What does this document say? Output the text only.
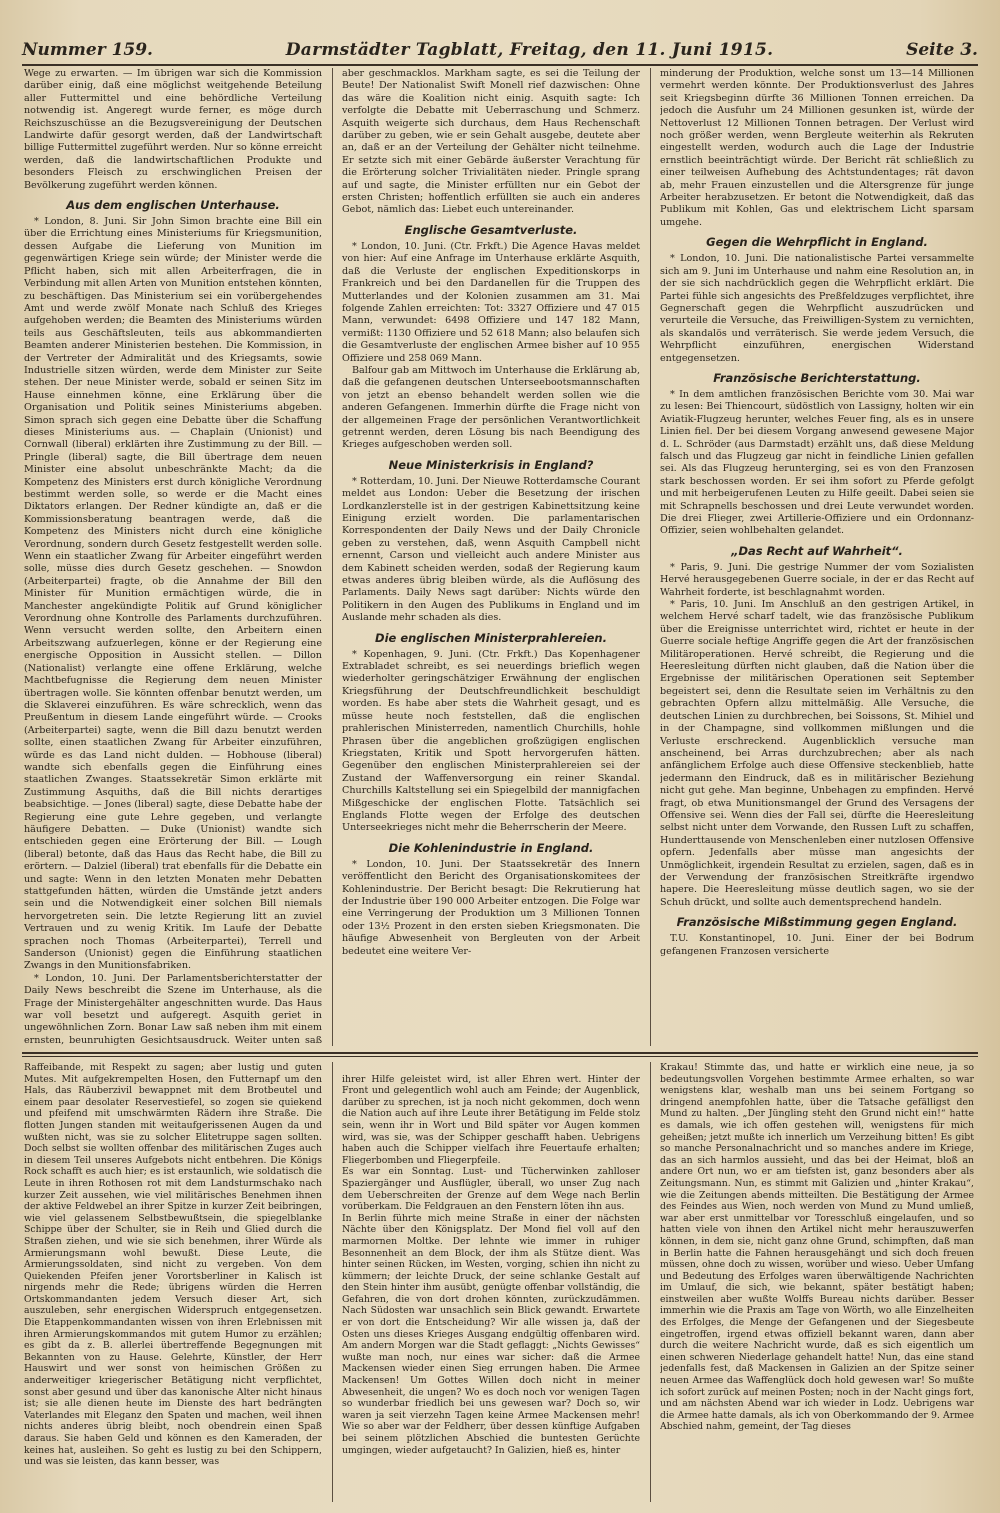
Nummer 159.	Darmstädter Tagblatt, Freitag, den 11. Juni 1915.	Seite 3.

Wege zu erwarten. — Im übrigen war sich die Kommission darüber einig, daß eine möglichst weitgehende Beteilung aller Futtermittel und eine behördliche Verteilung notwendig ist. Angeregt wurde ferner, es möge durch Reichszuschüsse an die Bezugsvereinigung der Deutschen Landwirte dafür gesorgt werden, daß der Landwirtschaft billige Futtermittel zugeführt werden. Nur so könne erreicht werden, daß die landwirtschaftlichen Produkte und besonders Fleisch zu erschwinglichen Preisen der Bevölkerung zugeführt werden können.

Aus dem englischen Unterhause.

* London, 8. Juni. Sir John Simon brachte eine Bill ein über die Errichtung eines Ministeriums für Kriegsmunition, dessen Aufgabe die Lieferung von Munition im gegenwärtigen Kriege sein würde; der Minister werde die Pflicht haben, sich mit allen Arbeiterfragen, die in Verbindung mit allen Arten von Munition entstehen könnten, zu beschäftigen. Das Ministerium sei ein vorübergehendes Amt und werde zwölf Monate nach Schluß des Krieges aufgehoben werden; die Beamten des Ministeriums würden teils aus Geschäftsleuten, teils aus abkommandierten Beamten anderer Ministerien bestehen. Die Kommission, in der Vertreter der Admiralität und des Kriegsamts, sowie Industrielle sitzen würden, werde dem Minister zur Seite stehen. Der neue Minister werde, sobald er seinen Sitz im Hause einnehmen könne, eine Erklärung über die Organisation und Politik seines Ministeriums abgeben. Simon sprach sich gegen eine Debatte über die Schaffung dieses Ministeriums aus. — Chaplain (Unionist) und Cornwall (liberal) erklärten ihre Zustimmung zu der Bill. — Pringle (liberal) sagte, die Bill übertrage dem neuen Minister eine absolut unbeschränkte Macht; da die Kompetenz des Ministers erst durch königliche Verordnung bestimmt werden solle, so werde er die Macht eines Diktators erlangen. Der Redner kündigte an, daß er die Kommissionsberatung beantragen werde, daß die Kompetenz des Ministers nicht durch eine königliche Verordnung, sondern durch Gesetz festgestellt werden solle. Wenn ein staatlicher Zwang für Arbeiter eingeführt werden solle, müsse dies durch Gesetz geschehen. — Snowdon (Arbeiterpartei) fragte, ob die Annahme der Bill den Minister für Munition ermächtigen würde, die in Manchester angekündigte Politik auf Grund königlicher Verordnung ohne Kontrolle des Parlaments durchzuführen. Wenn versucht werden sollte, den Arbeitern einen Arbeitszwang aufzuerlegen, könne er der Regierung eine energische Opposition in Aussicht stellen. — Dillon (Nationalist) verlangte eine offene Erklärung, welche Machtbefugnisse die Regierung dem neuen Minister übertragen wolle. Sie könnten offenbar benutzt werden, um die Sklaverei einzuführen. Es wäre schrecklich, wenn das Preußentum in diesem Lande eingeführt würde. — Crooks (Arbeiterpartei) sagte, wenn die Bill dazu benutzt werden sollte, einen staatlichen Zwang für Arbeiter einzuführen, würde es das Land nicht dulden. — Hobhouse (liberal) wandte sich ebenfalls gegen die Einführung eines staatlichen Zwanges. Staatssekretär Simon erklärte mit Zustimmung Asquiths, daß die Bill nichts derartiges beabsichtige. — Jones (liberal) sagte, diese Debatte habe der Regierung eine gute Lehre gegeben, und verlangte häufigere Debatten. — Duke (Unionist) wandte sich entschieden gegen eine Erörterung der Bill. — Lough (liberal) betonte, daß das Haus das Recht habe, die Bill zu erörtern. — Dalziel (liberal) trat ebenfalls für die Debatte ein und sagte: Wenn in den letzten Monaten mehr Debatten stattgefunden hätten, würden die Umstände jetzt anders sein und die Notwendigkeit einer solchen Bill niemals hervorgetreten sein. Die letzte Regierung litt an zuviel Vertrauen und zu wenig Kritik. Im Laufe der Debatte sprachen noch Thomas (Arbeiterpartei), Terrell und Sanderson (Unionist) gegen die Einführung staatlichen Zwangs in den Munitionsfabriken.

* London, 10. Juni. Der Parlamentsberichterstatter der Daily News beschreibt die Szene im Unterhause, als die Frage der Ministergehälter angeschnitten wurde. Das Haus war voll besetzt und aufgeregt. Asquith geriet in ungewöhnlichen Zorn. Bonar Law saß neben ihm mit einem ernsten, beunruhigten Gesichtsausdruck. Weiter unten saß

aber geschmacklos. Markham sagte, es sei die Teilung der Beute! Der Nationalist Swift Monell rief dazwischen: Ohne das wäre die Koalition nicht einig. Asquith sagte: Ich verfolgte die Debatte mit Ueberraschung und Schmerz. Asquith weigerte sich durchaus, dem Haus Rechenschaft darüber zu geben, wie er sein Gehalt ausgebe, deutete aber an, daß er an der Verteilung der Gehälter nicht teilnehme. Er setzte sich mit einer Gebärde äußerster Verachtung für die Erörterung solcher Trivialitäten nieder. Pringle sprang auf und sagte, die Minister erfüllten nur ein Gebot der ersten Christen; hoffentlich erfüllten sie auch ein anderes Gebot, nämlich das: Liebet euch untereinander.

Englische Gesamtverluste.

* London, 10. Juni. (Ctr. Frkft.) Die Agence Havas meldet von hier: Auf eine Anfrage im Unterhause erklärte Asquith, daß die Verluste der englischen Expeditionskorps in Frankreich und bei den Dardanellen für die Truppen des Mutterlandes und der Kolonien zusammen am 31. Mai folgende Zahlen erreichten: Tot: 3327 Offiziere und 47 015 Mann, verwundet: 6498 Offiziere und 147 182 Mann, vermißt: 1130 Offiziere und 52 618 Mann; also belaufen sich die Gesamtverluste der englischen Armee bisher auf 10 955 Offiziere und 258 069 Mann.

Balfour gab am Mittwoch im Unterhause die Erklärung ab, daß die gefangenen deutschen Unterseebootsmannschaften von jetzt an ebenso behandelt werden sollen wie die anderen Gefangenen. Immerhin dürfte die Frage nicht von der allgemeinen Frage der persönlichen Verantwortlichkeit getrennt werden, deren Lösung bis nach Beendigung des Krieges aufgeschoben werden soll.

Neue Ministerkrisis in England?

* Rotterdam, 10. Juni. Der Nieuwe Rotterdamsche Courant meldet aus London: Ueber die Besetzung der irischen Lordkanzlerstelle ist in der gestrigen Kabinettsitzung keine Einigung erzielt worden. Die parlamentarischen Korrespondenten der Daily News und der Daily Chronicle geben zu verstehen, daß, wenn Asquith Campbell nicht ernennt, Carson und vielleicht auch andere Minister aus dem Kabinett scheiden werden, sodaß der Regierung kaum etwas anderes übrig bleiben würde, als die Auflösung des Parlaments. Daily News sagt darüber: Nichts würde den Politikern in den Augen des Publikums in England und im Auslande mehr schaden als dies.

Die englischen Ministerprahlereien.

* Kopenhagen, 9. Juni. (Ctr. Frkft.) Das Kopenhagener Extrabladet schreibt, es sei neuerdings brieflich wegen wiederholter geringschätziger Erwähnung der englischen Kriegsführung der Deutschfreundlichkeit beschuldigt worden. Es habe aber stets die Wahrheit gesagt, und es müsse heute noch feststellen, daß die englischen prahlerischen Ministerreden, namentlich Churchills, hohle Phrasen über die angeblichen großzügigen englischen Kriegstaten, Kritik und Spott hervorgerufen hätten. Gegenüber den englischen Ministerprahlereien sei der Zustand der Waffenversorgung ein reiner Skandal. Churchills Kaltstellung sei ein Spiegelbild der mannigfachen Mißgeschicke der englischen Flotte. Tatsächlich sei Englands Flotte wegen der Erfolge des deutschen Unterseekrieges nicht mehr die Beherrscherin der Meere.

Die Kohlenindustrie in England.

* London, 10. Juni. Der Staatssekretär des Innern veröffentlicht den Bericht des Organisationskomitees der Kohlenindustrie. Der Bericht besagt: Die Rekrutierung hat der Industrie über 190 000 Arbeiter entzogen. Die Folge war eine Verringerung der Produktion um 3 Millionen Tonnen oder 13½ Prozent in den ersten sieben Kriegsmonaten. Die häufige Abwesenheit von Bergleuten von der Arbeit bedeutet eine weitere Ver-

minderung der Produktion, welche sonst um 13—14 Millionen vermehrt werden könnte. Der Produktionsverlust des Jahres seit Kriegsbeginn dürfte 36 Millionen Tonnen erreichen. Da jedoch die Ausfuhr um 24 Millionen gesunken ist, würde der Nettoverlust 12 Millionen Tonnen betragen. Der Verlust wird noch größer werden, wenn Bergleute weiterhin als Rekruten eingestellt werden, wodurch auch die Lage der Industrie ernstlich beeinträchtigt würde. Der Bericht rät schließlich zu einer teilweisen Aufhebung des Achtstundentages; rät davon ab, mehr Frauen einzustellen und die Altersgrenze für junge Arbeiter herabzusetzen. Er betont die Notwendigkeit, daß das Publikum mit Kohlen, Gas und elektrischem Licht sparsam umgehe.

Gegen die Wehrpflicht in England.

* London, 10. Juni. Die nationalistische Partei versammelte sich am 9. Juni im Unterhause und nahm eine Resolution an, in der sie sich nachdrücklich gegen die Wehrpflicht erklärt. Die Partei fühle sich angesichts des Preßfeldzuges verpflichtet, ihre Gegnerschaft gegen die Wehrpflicht auszudrücken und verurteile die Versuche, das Freiwilligen-System zu vernichten, als skandalös und verräterisch. Sie werde jedem Versuch, die Wehrpflicht einzuführen, energischen Widerstand entgegensetzen.

Französische Berichterstattung.

* In dem amtlichen französischen Berichte vom 30. Mai war zu lesen: Bei Thiencourt, südöstlich von Lassigny, holten wir ein Aviatik-Flugzeug herunter, welches Feuer fing, als es in unsere Linien fiel. Der bei diesem Vorgang anwesend gewesene Major d. L. Schröder (aus Darmstadt) erzählt uns, daß diese Meldung falsch und das Flugzeug gar nicht in feindliche Linien gefallen sei. Als das Flugzeug herunterging, sei es von den Franzosen stark beschossen worden. Er sei ihm sofort zu Pferde gefolgt und mit herbeigerufenen Leuten zu Hilfe geeilt. Dabei seien sie mit Schrapnells beschossen und drei Leute verwundet worden. Die drei Flieger, zwei Artillerie-Offiziere und ein Ordonnanz-Offizier, seien wohlbehalten gelandet.

„Das Recht auf Wahrheit“.

* Paris, 9. Juni. Die gestrige Nummer der vom Sozialisten Hervé herausgegebenen Guerre sociale, in der er das Recht auf Wahrheit forderte, ist beschlagnahmt worden.

* Paris, 10. Juni. Im Anschluß an den gestrigen Artikel, in welchem Hervé scharf tadelt, wie das französische Publikum über die Ereignisse unterrichtet wird, richtet er heute in der Guerre sociale heftige Angriffe gegen die Art der französischen Militäroperationen. Hervé schreibt, die Regierung und die Heeresleitung dürften nicht glauben, daß die Nation über die Ergebnisse der militärischen Operationen seit September begeistert sei, denn die Resultate seien im Verhältnis zu den gebrachten Opfern allzu mittelmäßig. Alle Versuche, die deutschen Linien zu durchbrechen, bei Soissons, St. Mihiel und in der Champagne, sind vollkommen mißlungen und die Verluste erschreckend. Augenblicklich versuche man anscheinend, bei Arras durchzubrechen; aber als nach anfänglichem Erfolge auch diese Offensive steckenblieb, hatte jedermann den Eindruck, daß es in militärischer Beziehung nicht gut gehe. Man beginne, Unbehagen zu empfinden. Hervé fragt, ob etwa Munitionsmangel der Grund des Versagens der Offensive sei. Wenn dies der Fall sei, dürfte die Heeresleitung selbst nicht unter dem Vorwande, den Russen Luft zu schaffen, Hunderttausende von Menschenleben einer nutzlosen Offensive opfern. Jedenfalls aber müsse man angesichts der Unmöglichkeit, irgendein Resultat zu erzielen, sagen, daß es in der Verwendung der französischen Streitkräfte irgendwo hapere. Die Heeresleitung müsse deutlich sagen, wo sie der Schuh drückt, und sollte auch dementsprechend handeln.

Französische Mißstimmung gegen England.

T.U. Konstantinopel, 10. Juni. Einer der bei Bodrum gefangenen Franzosen versicherte

Raffeibande, mit Respekt zu sagen; aber lustig und guten Mutes. Mit aufgekrempelten Hosen, den Futternapf um den Hals, das Räuberzivil bewappnet mit dem Brotbeutel und einem paar desolater Reservestiefel, so zogen sie quiekend und pfeifend mit umschwärmten Rädern ihre Straße. Die flotten Jungen standen mit weitaufgerissenen Augen da und wußten nicht, was sie zu solcher Elitetruppe sagen sollten. Doch selbst sie wollten offenbar des militärischen Zuges auch in diesem Teil unseres Aufgebots nicht entbehren. Die Königs Rock schafft es auch hier; es ist erstaunlich, wie soldatisch die Leute in ihren Rothosen rot mit dem Landsturmschako nach kurzer Zeit aussehen, wie viel militärisches Benehmen ihnen der aktive Feldwebel an ihrer Spitze in kurzer Zeit beibringen, wie viel gelassenem Selbstbewußtsein, die spiegelblanke Schippe über der Schulter, sie in Reih und Glied durch die Straßen ziehen, und wie sie sich benehmen, ihrer Würde als Armierungsmann wohl bewußt. Diese Leute, die Armierungssoldaten, sind nicht zu vergeben. Von dem Quiekenden Pfeifen jener Vorortsberliner in Kalisch ist nirgends mehr die Rede; übrigens würden die Herren Ortskommandanten jedem Versuch dieser Art, sich auszuleben, sehr energischen Widerspruch entgegensetzen. Die Etappenkommandanten wissen von ihren Erlebnissen mit ihren Armierungskommandos mit gutem Humor zu erzählen; es gibt da z. B. allerlei übertreffende Begegnungen mit Bekannten von zu Hause. Gelehrte, Künstler, der Herr Hauswirt und wer sonst von heimischen Größen zu anderweitiger kriegerischer Betätigung nicht verpflichtet, sonst aber gesund und über das kanonische Alter nicht hinaus ist; sie alle dienen heute im Dienste des hart bedrängten Vaterlandes mit Eleganz den Spaten und machen, weil ihnen nichts anderes übrig bleibt, noch obendrein einen Spaß daraus. Sie haben Geld und können es den Kameraden, der keines hat, ausleihen. So geht es lustig zu bei den Schippern, und was sie leisten, das kann besser, was

ihrer Hilfe geleistet wird, ist aller Ehren wert. Hinter der Front und gelegentlich wohl auch am Feinde; der Augenblick, darüber zu sprechen, ist ja noch nicht gekommen, doch wenn die Nation auch auf ihre Leute ihrer Betätigung im Felde stolz sein, wenn ihr in Wort und Bild später vor Augen kommen wird, was sie, was der Schipper geschafft haben. Uebrigens haben auch die Schipper vielfach ihre Feuertaufe erhalten; Fliegerbomben und Fliegerpfeile.
Es war ein Sonntag. Lust- und Tücherwinken zahlloser Spaziergänger und Ausflügler, überall, wo unser Zug nach dem Ueberschreiten der Grenze auf dem Wege nach Berlin vorüberkam. Die Feldgrauen an den Fenstern löten ihn aus.
In Berlin führte mich meine Straße in einer der nächsten Nächte über den Königsplatz. Der Mond fiel voll auf den marmornen Moltke. Der lehnte wie immer in ruhiger Besonnenheit an dem Block, der ihm als Stütze dient. Was hinter seinen Rücken, im Westen, vorging, schien ihn nicht zu kümmern; der leichte Druck, der seine schlanke Gestalt auf den Stein hinter ihm ausübt, genügte offenbar vollständig, die Gefahren, die von dort drohen könnten, zurückzudämmen. Nach Südosten war unsachlich sein Blick gewandt. Erwartete er von dort die Entscheidung? Wir alle wissen ja, daß der Osten uns dieses Krieges Ausgang endgültig offenbaren wird. Am andern Morgen war die Stadt geflaggt: „Nichts Gewisses“ wußte man noch, nur eines war sicher: daß die Armee Mackensen wieder einen Sieg errungen haben. Die Armee Mackensen! Um Gottes Willen doch nicht in meiner Abwesenheit, die ungen? Wo es doch noch vor wenigen Tagen so wunderbar friedlich bei uns gewesen war? Doch so, wir waren ja seit vierzehn Tagen keine Armee Mackensen mehr! Wie so aber war der Feldherr, über dessen künftige Aufgaben bei seinem plötzlichen Abschied die buntesten Gerüchte umgingen, wieder aufgetaucht? In Galizien, hieß es, hinter

Krakau! Stimmte das, und hatte er wirklich eine neue, ja so bedeutungsvollen Vorgehen bestimmte Armee erhalten, so war wenigstens klar, weshalb man uns bei seinem Fortgang so dringend anempfohlen hatte, über die Tatsache gefälligst den Mund zu halten. „Der Jüngling steht den Grund nicht ein!“ hatte es damals, wie ich offen gestehen will, wenigstens für mich geheißen; jetzt mußte ich innerlich um Verzeihung bitten! Es gibt so manche Personalnachricht und so manches andere im Kriege, das an sich harmlos aussieht, und das bei der Heimat, bloß an andere Ort nun, wo er am tiefsten ist, ganz besonders aber als Zeitungsmann. Nun, es stimmt mit Galizien und „hinter Krakau“, wie die Zeitungen abends mitteilten. Die Bestätigung der Armee des Feindes aus Wien, noch werden von Mund zu Mund umließ, war aber erst unmittelbar vor Toresschluß eingelaufen, und so hatten viele von ihnen den Artikel nicht mehr herauszuwerfen können, in dem sie, nicht ganz ohne Grund, schimpften, daß man in Berlin hatte die Fahnen herausgehängt und sich doch freuen müssen, ohne doch zu wissen, worüber und wieso. Ueber Umfang und Bedeutung des Erfolges waren überwältigende Nachrichten im Umlauf, die sich, wie bekannt, später bestätigt haben; einstweilen aber wußte Wolffs Bureau nichts darüber. Besser immerhin wie die Praxis am Tage von Wörth, wo alle Einzelheiten des Erfolges, die Menge der Gefangenen und der Siegesbeute eingetroffen, irgend etwas offiziell bekannt waren, dann aber durch die weitere Nachricht wurde, daß es sich eigentlich um einen schweren Niederlage gehandelt hatte! Nun, das eine stand jedenfalls fest, daß Mackensen in Galizien an der Spitze seiner neuen Armee das Waffenglück doch hold gewesen war! So mußte ich sofort zurück auf meinen Posten; noch in der Nacht gings fort, und am nächsten Abend war ich wieder in Lodz. Uebrigens war die Armee hatte damals, als ich von Oberkommando der 9. Armee Abschied nahm, gemeint, der Tag dieses
